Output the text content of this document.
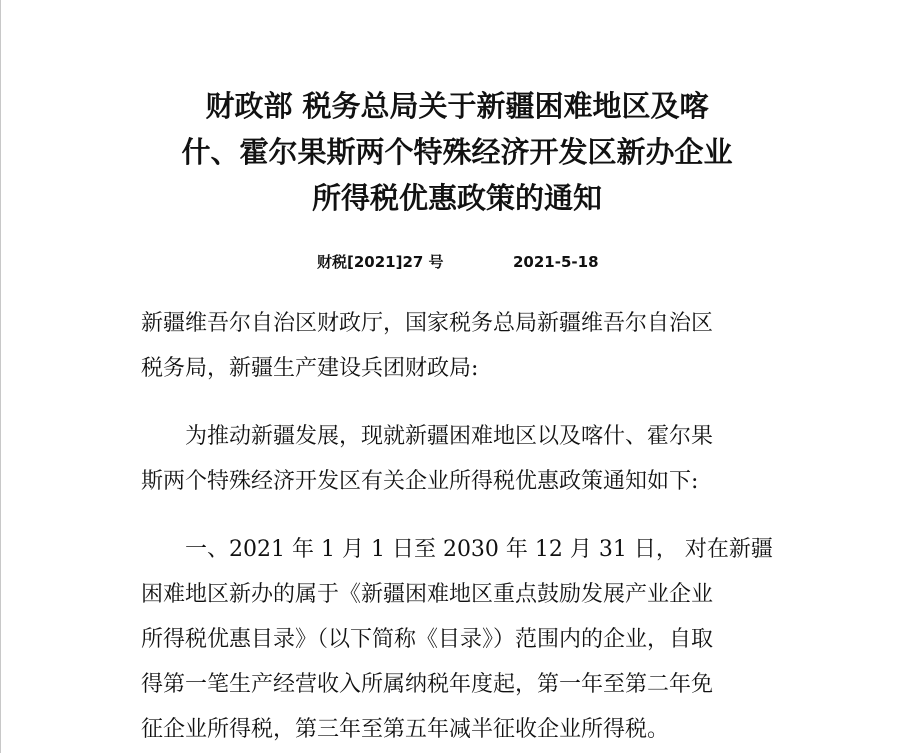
财政部 税务总局关于新疆困难地区及喀
什、霍尔果斯两个特殊经济开发区新办企业
所得税优惠政策的通知
财税[2021]27 号	2021-5-18

新疆维吾尔自治区财政厅，国家税务总局新疆维吾尔自治区

税务局，新疆生产建设兵团财政局:

为推动新疆发展，现就新疆困难地区以及喀什、霍尔果

斯两个特殊经济开发区有关企业所得税优惠政策通知如下:

一、2021 年 1 月 1 日至 2030 年 12 月 31 日， 对在新疆

困难地区新办的属于《新疆困难地区重点鼓励发展产业企业

所得税优惠目录》（以下简称《目录》）范围内的企业，自取

得第一笔生产经营收入所属纳税年度起，第一年至第二年免

征企业所得税，第三年至第五年减半征收企业所得税。
